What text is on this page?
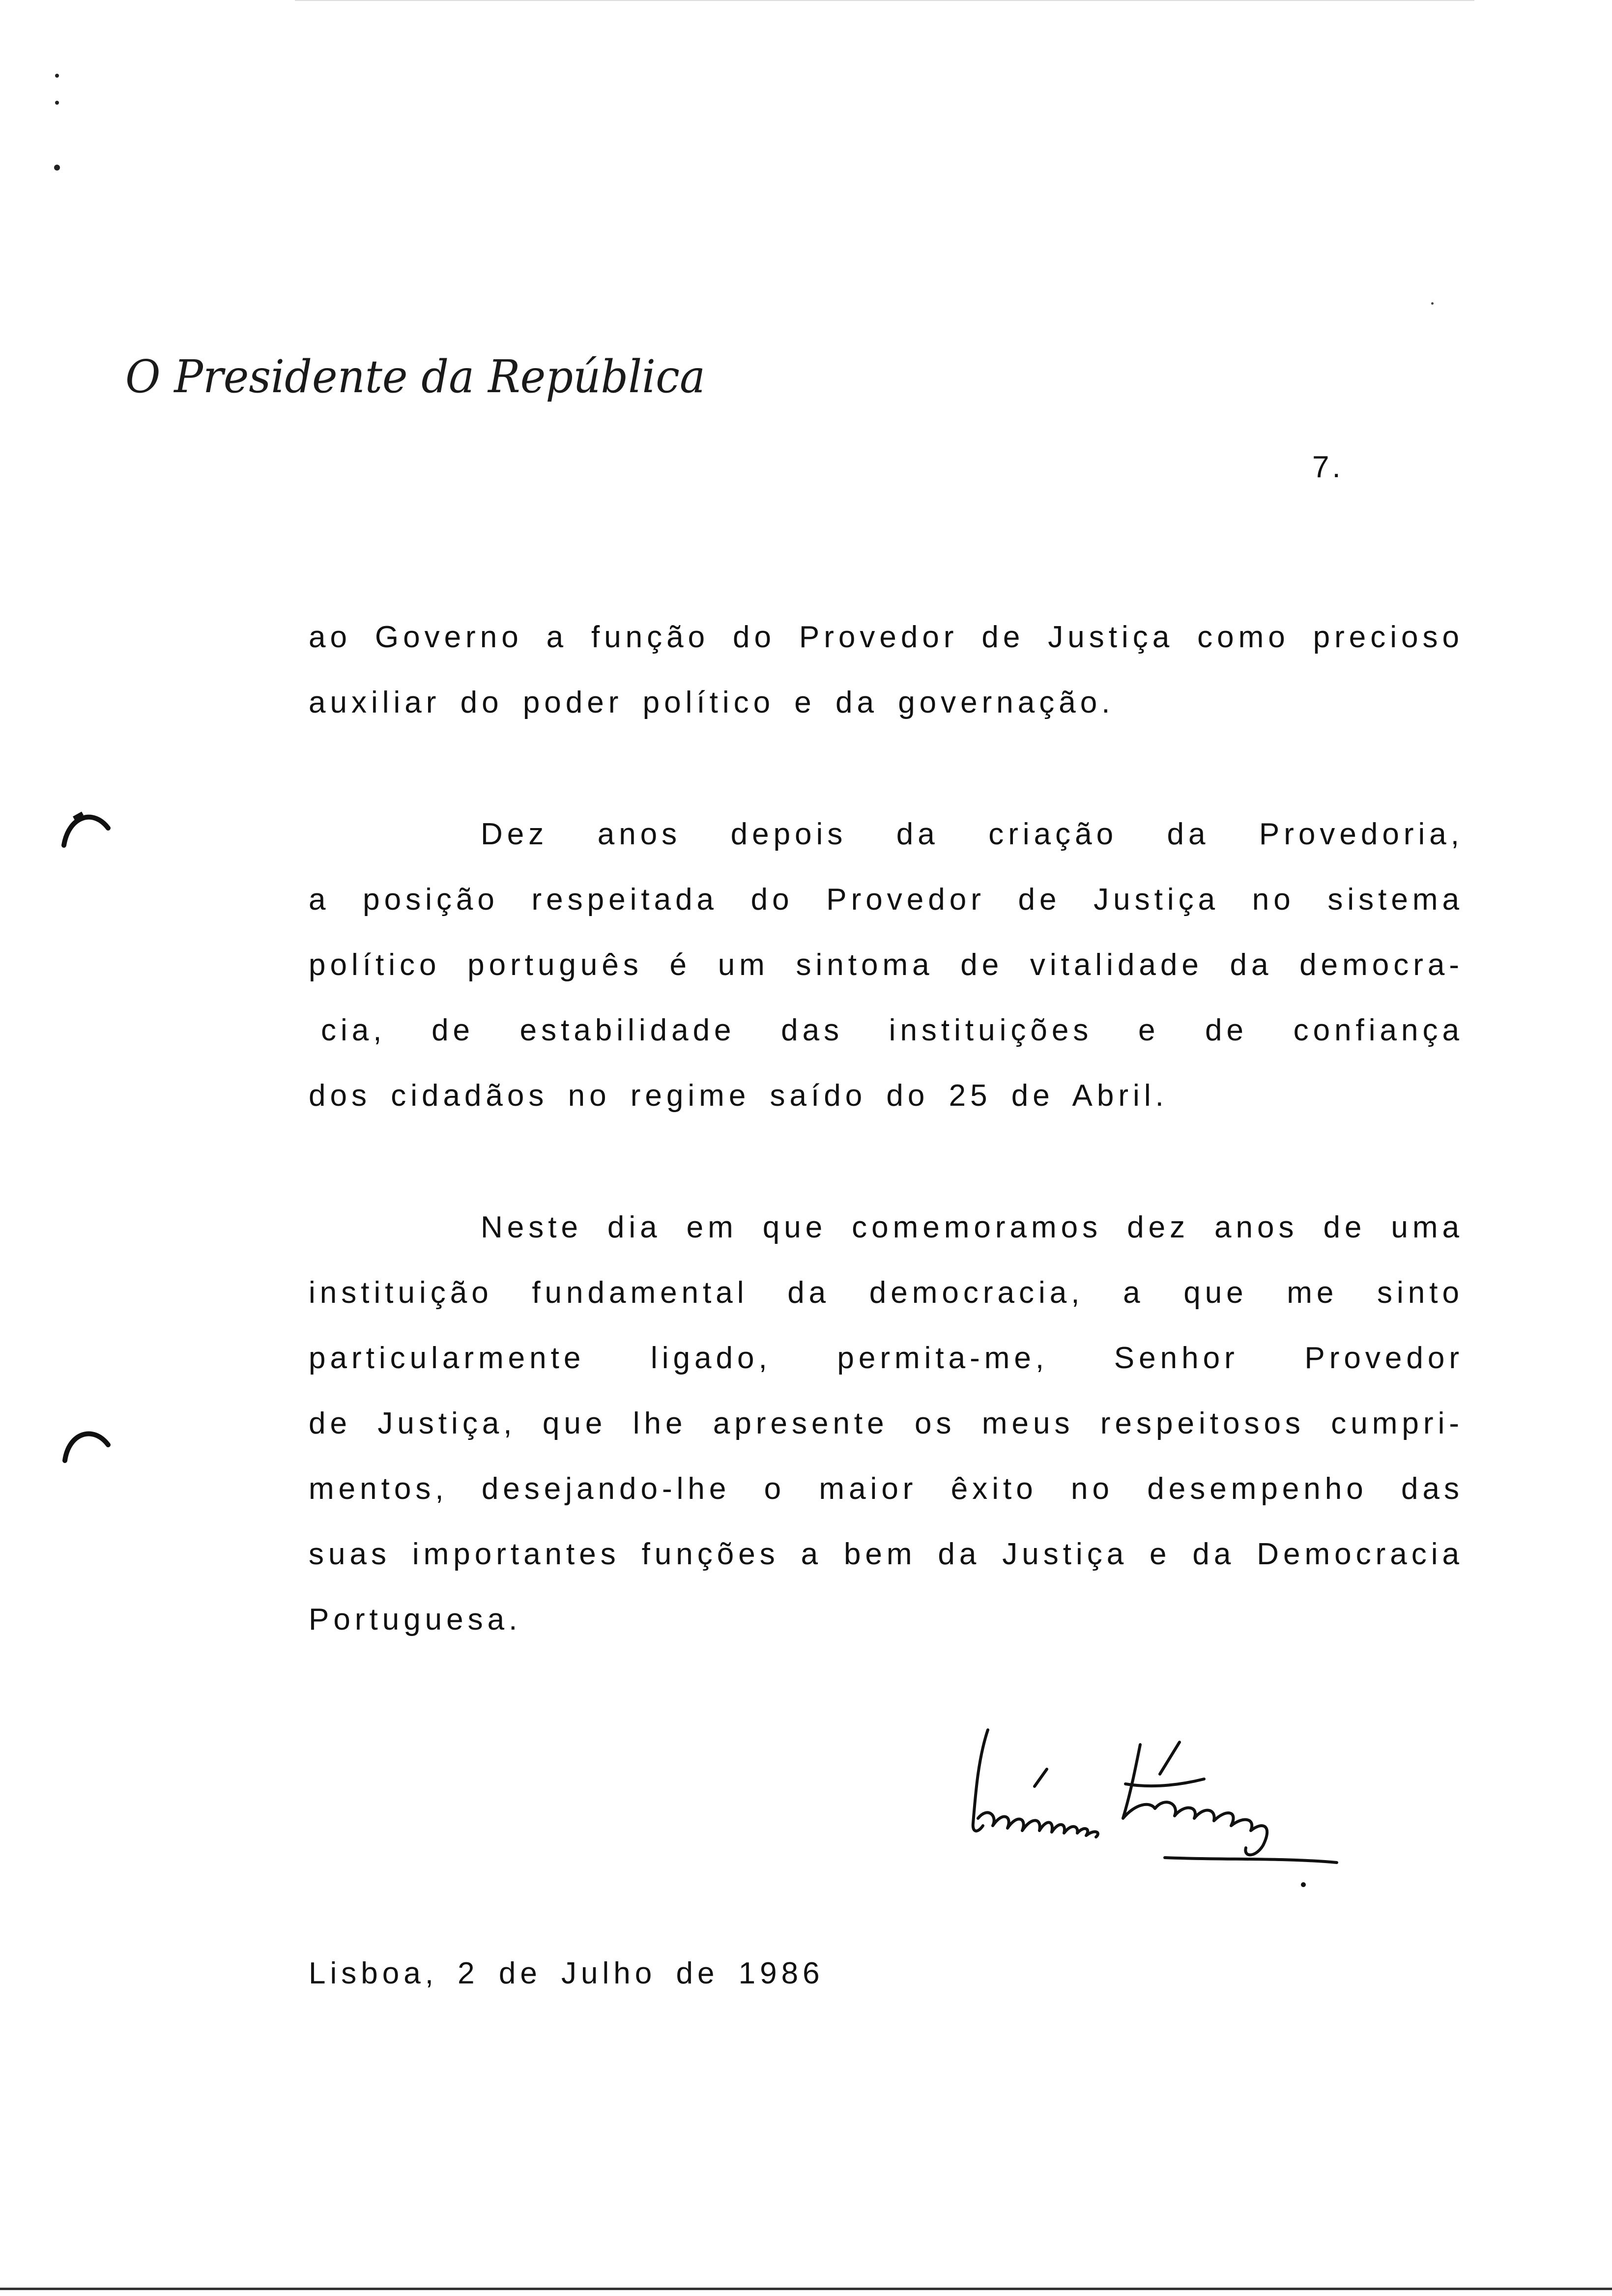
O Presidente da República
7.
ao Governo a função do Provedor de Justiça como precioso
auxiliar do poder político e da governação.
Dez anos depois da criação da Provedoria,
a posição respeitada do Provedor de Justiça no sistema
político português é um sintoma de vitalidade da democra-
cia, de estabilidade das instituições e de confiança
dos cidadãos no regime saído do 25 de Abril.
Neste dia em que comemoramos dez anos de uma
instituição fundamental da democracia, a que me sinto
particularmente ligado, permita-me, Senhor Provedor
de Justiça, que lhe apresente os meus respeitosos cumpri-
mentos, desejando-lhe o maior êxito no desempenho das
suas importantes funções a bem da Justiça e da Democracia
Portuguesa.
Mário Soares
Lisboa, 2 de Julho de 1986
